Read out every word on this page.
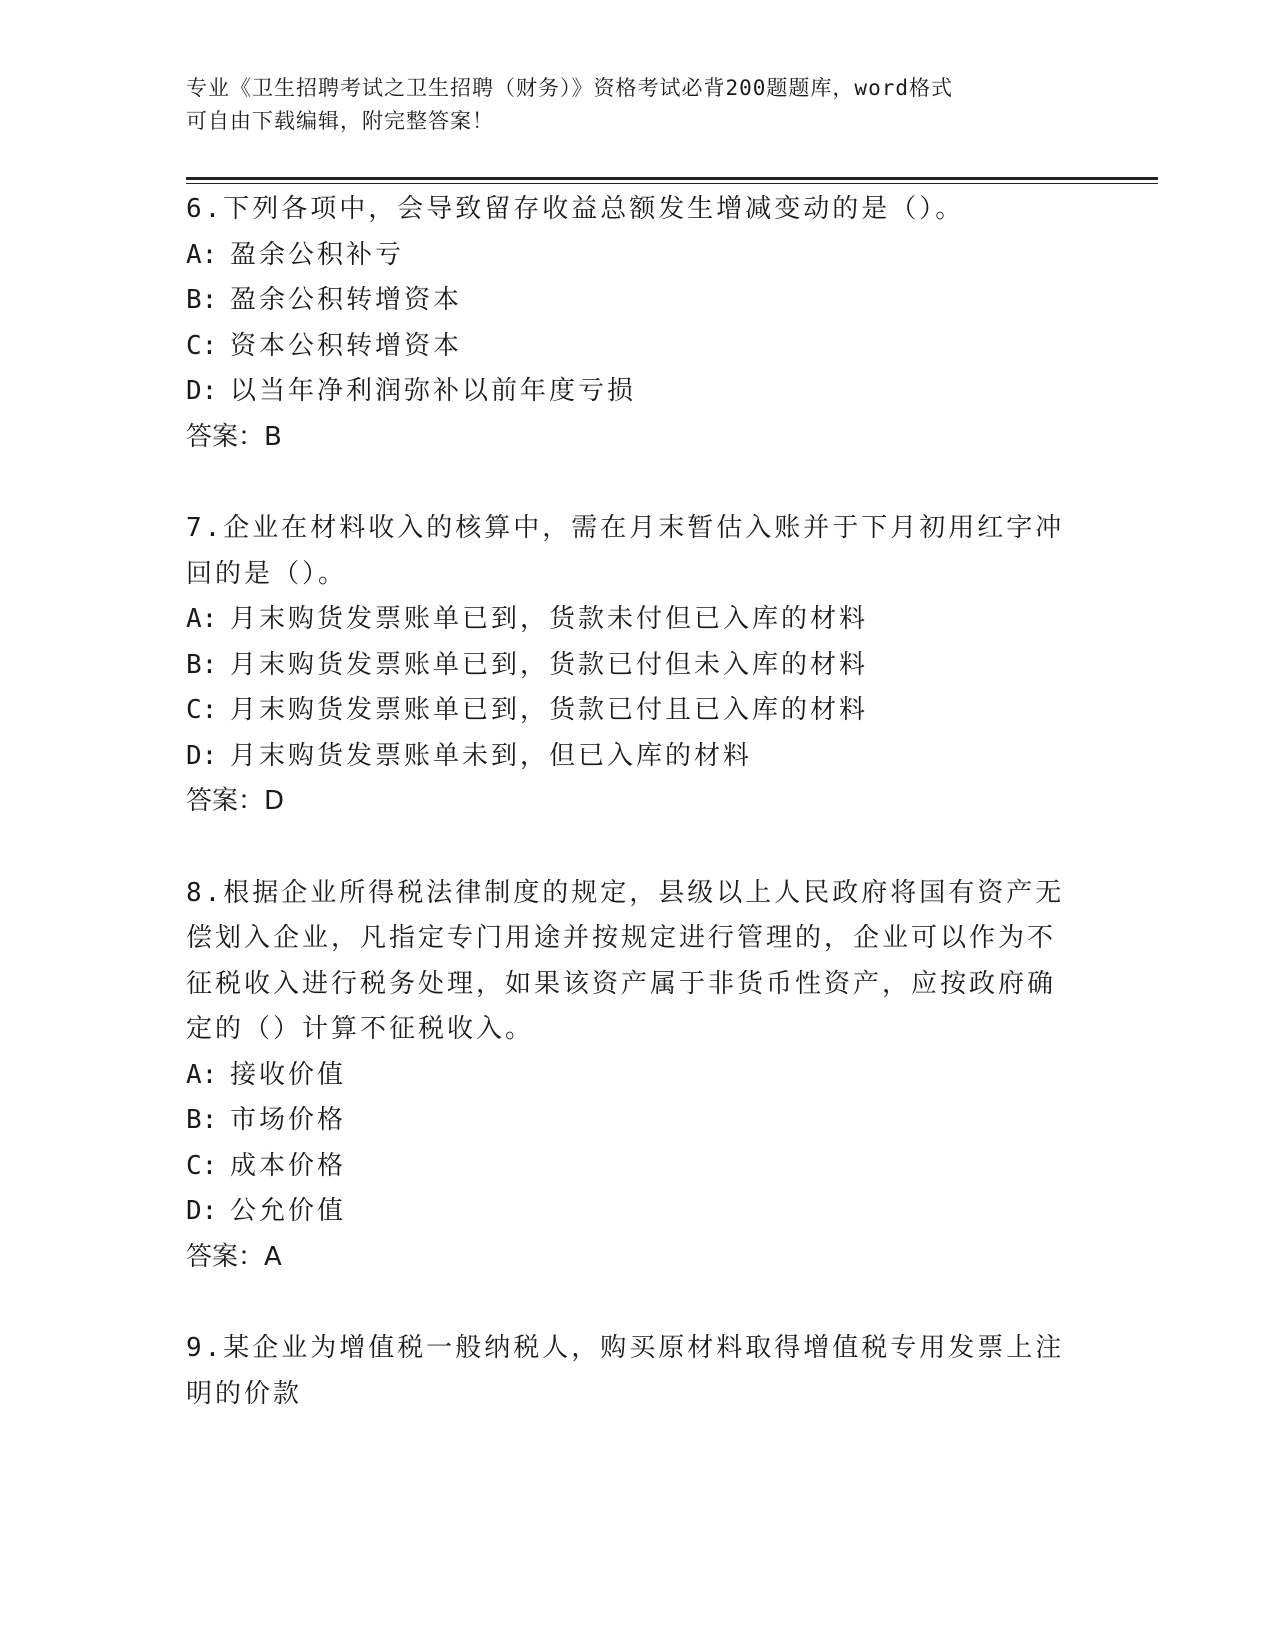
专业《卫生招聘考试之卫生招聘（财务）》资格考试必背200题题库，word格式
可自由下载编辑，附完整答案！
6.下列各项中，会导致留存收益总额发生增减变动的是（）。
A: 盈余公积补亏
B: 盈余公积转增资本
C: 资本公积转增资本
D: 以当年净利润弥补以前年度亏损
答案：B
7.企业在材料收入的核算中，需在月末暂估入账并于下月初用红字冲
回的是（）。
A: 月末购货发票账单已到，货款未付但已入库的材料
B: 月末购货发票账单已到，货款已付但未入库的材料
C: 月末购货发票账单已到，货款已付且已入库的材料
D: 月末购货发票账单未到，但已入库的材料
答案：D
8.根据企业所得税法律制度的规定，县级以上人民政府将国有资产无
偿划入企业，凡指定专门用途并按规定进行管理的，企业可以作为不
征税收入进行税务处理，如果该资产属于非货币性资产，应按政府确
定的（）计算不征税收入。
A: 接收价值
B: 市场价格
C: 成本价格
D: 公允价值
答案：A
9.某企业为增值税一般纳税人，购买原材料取得增值税专用发票上注
明的价款
